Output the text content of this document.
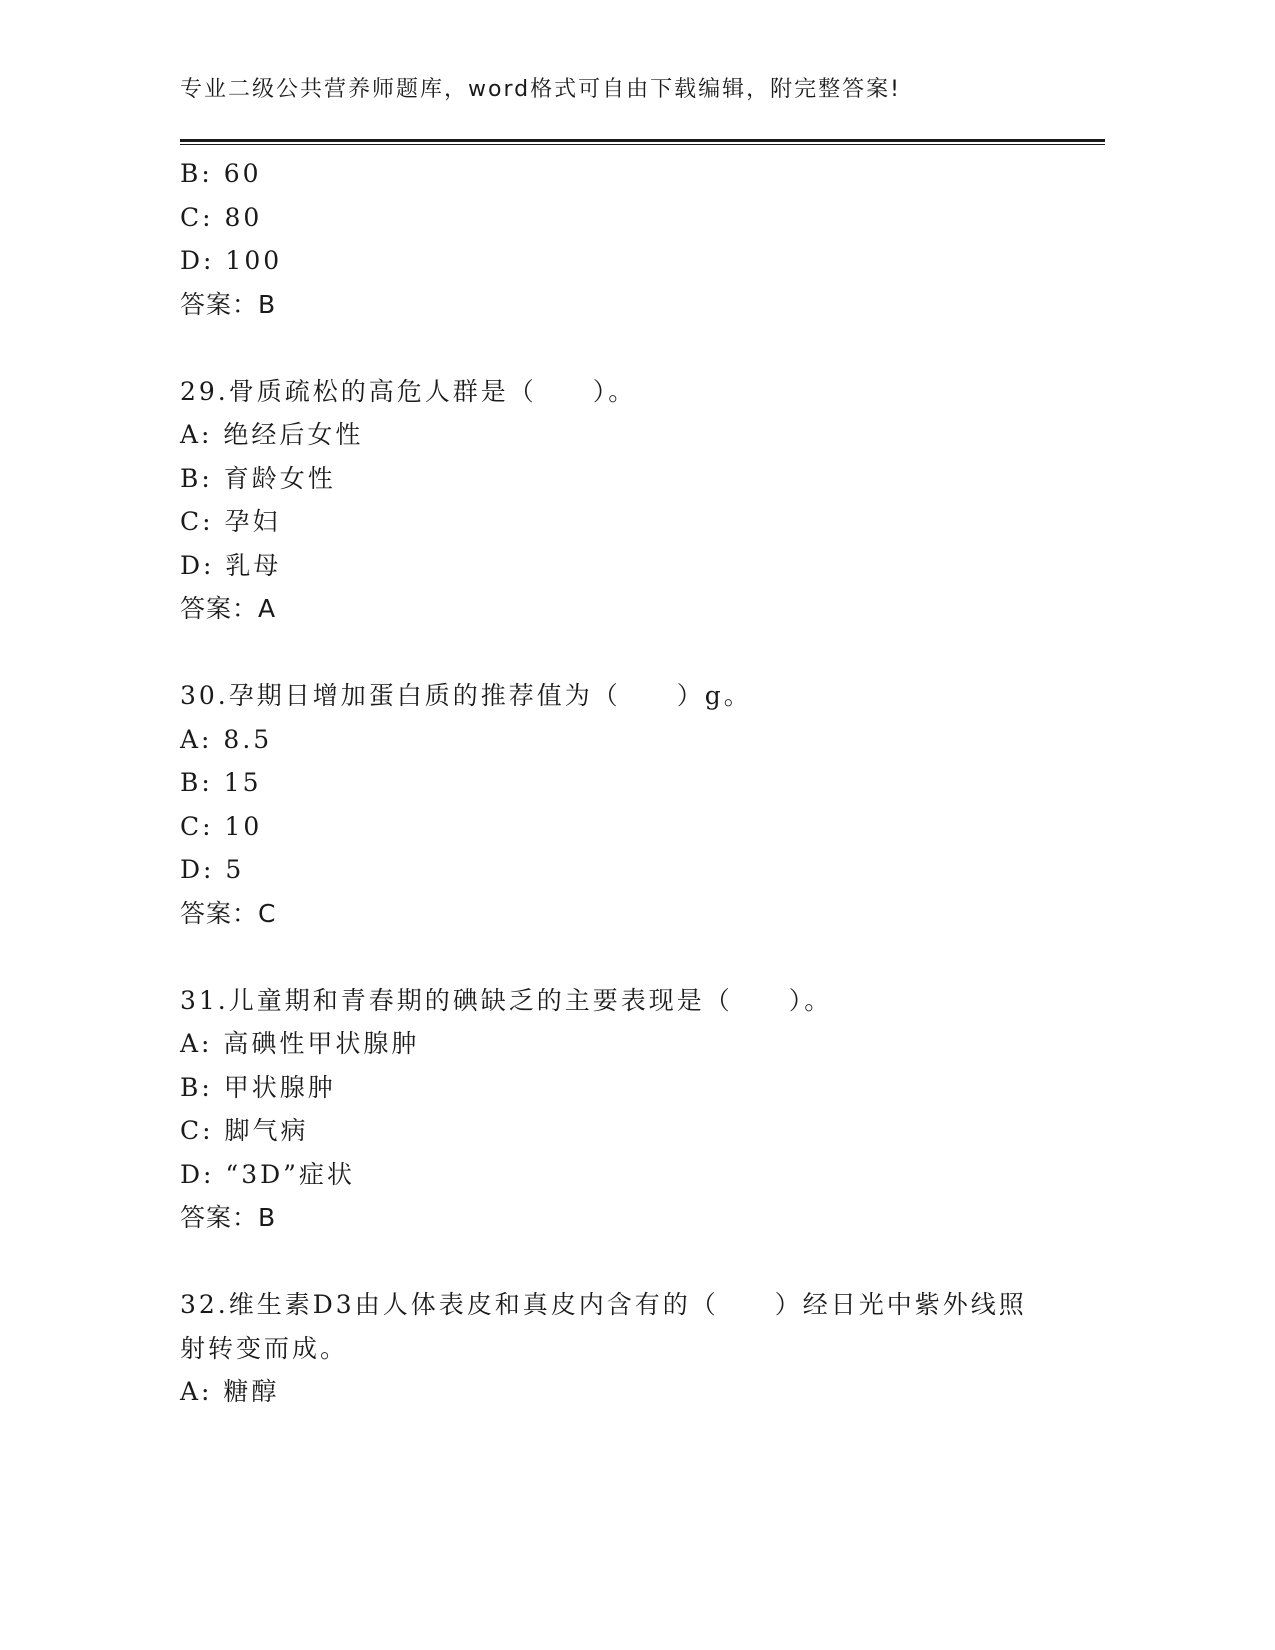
专业二级公共营养师题库，word格式可自由下载编辑，附完整答案!
B: 60
C: 80
D: 100
答案：B
29.骨质疏松的高危人群是（　　）。
A: 绝经后女性
B: 育龄女性
C: 孕妇
D: 乳母
答案：A
30.孕期日增加蛋白质的推荐值为（　　）g。
A: 8.5
B: 15
C: 10
D: 5
答案：C
31.儿童期和青春期的碘缺乏的主要表现是（　　）。
A: 高碘性甲状腺肿
B: 甲状腺肿
C: 脚气病
D: “3D”症状
答案：B
32.维生素D3由人体表皮和真皮内含有的（　　）经日光中紫外线照
射转变而成。
A: 糖醇
